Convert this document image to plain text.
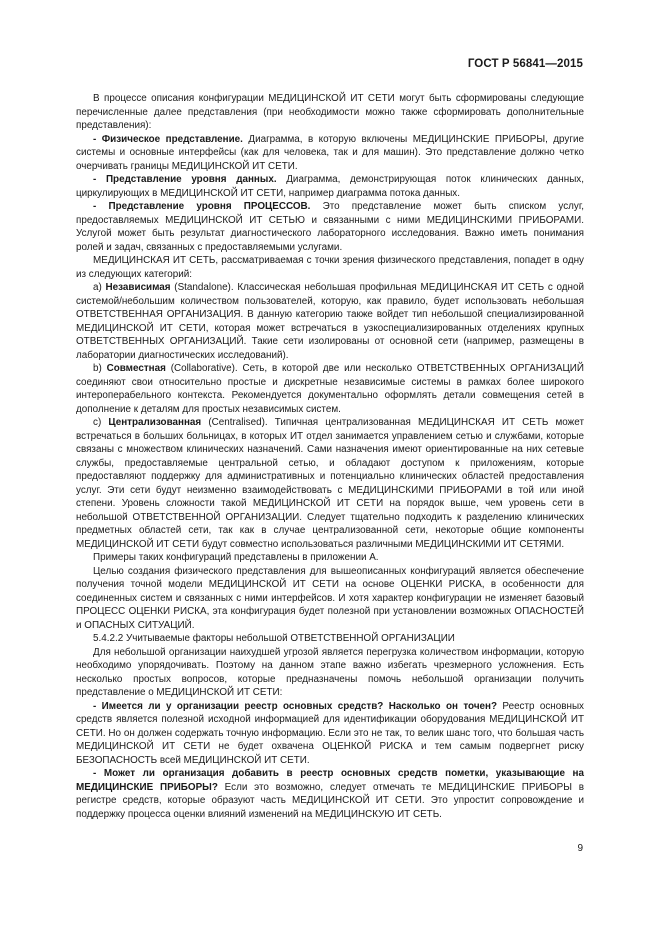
ГОСТ Р 56841—2015

В процессе описания конфигурации МЕДИЦИНСКОЙ ИТ СЕТИ могут быть сформированы следующие перечисленные далее представления (при необходимости можно также сформировать дополнительные представления):

- Физическое представление. Диаграмма, в которую включены МЕДИЦИНСКИЕ ПРИБОРЫ, другие системы и основные интерфейсы (как для человека, так и для машин). Это представление должно четко очерчивать границы МЕДИЦИНСКОЙ ИТ СЕТИ.

- Представление уровня данных. Диаграмма, демонстрирующая поток клинических данных, циркулирующих в МЕДИЦИНСКОЙ ИТ СЕТИ, например диаграмма потока данных.

- Представление уровня ПРОЦЕССОВ. Это представление может быть списком услуг, предоставляемых МЕДИЦИНСКОЙ ИТ СЕТЬЮ и связанными с ними МЕДИЦИНСКИМИ ПРИБОРАМИ. Услугой может быть результат диагностического лабораторного исследования. Важно иметь понимания ролей и задач, связанных с предоставляемыми услугами.

МЕДИЦИНСКАЯ ИТ СЕТЬ, рассматриваемая с точки зрения физического представления, попадет в одну из следующих категорий:

а) Независимая (Standalone). Классическая небольшая профильная МЕДИЦИНСКАЯ ИТ СЕТЬ с одной системой/небольшим количеством пользователей, которую, как правило, будет использовать небольшая ОТВЕТСТВЕННАЯ ОРГАНИЗАЦИЯ. В данную категорию также войдет тип небольшой специализированной МЕДИЦИНСКОЙ ИТ СЕТИ, которая может встречаться в узкоспециализированных отделениях крупных ОТВЕТСТВЕННЫХ ОРГАНИЗАЦИЙ. Такие сети изолированы от основной сети (например, размещены в лаборатории диагностических исследований).

b) Совместная (Collaborative). Сеть, в которой две или несколько ОТВЕТСТВЕННЫХ ОРГАНИЗАЦИЙ соединяют свои относительно простые и дискретные независимые системы в рамках более широкого интероперабельного контекста. Рекомендуется документально оформлять детали совмещения сетей в дополнение к деталям для простых независимых систем.

с) Централизованная (Centralised). Типичная централизованная МЕДИЦИНСКАЯ ИТ СЕТЬ может встречаться в больших больницах, в которых ИТ отдел занимается управлением сетью и службами, которые связаны с множеством клинических назначений. Сами назначения имеют ориентированные на них сетевые службы, предоставляемые центральной сетью, и обладают доступом к приложениям, которые предоставляют поддержку для административных и потенциально клинических областей предоставления услуг. Эти сети будут неизменно взаимодействовать с МЕДИЦИНСКИМИ ПРИБОРАМИ в той или иной степени. Уровень сложности такой МЕДИЦИНСКОЙ ИТ СЕТИ на порядок выше, чем уровень сети в небольшой ОТВЕТСТВЕННОЙ ОРГАНИЗАЦИИ. Следует тщательно подходить к разделению клинических предметных областей сети, так как в случае централизованной сети, некоторые общие компоненты МЕДИЦИНСКОЙ ИТ СЕТИ будут совместно использоваться различными МЕДИЦИНСКИМИ ИТ СЕТЯМИ.

Примеры таких конфигураций представлены в приложении А.

Целью создания физического представления для вышеописанных конфигураций является обеспечение получения точной модели МЕДИЦИНСКОЙ ИТ СЕТИ на основе ОЦЕНКИ РИСКА, в особенности для соединенных систем и связанных с ними интерфейсов. И хотя характер конфигурации не изменяет базовый ПРОЦЕСС ОЦЕНКИ РИСКА, эта конфигурация будет полезной при установлении возможных ОПАСНОСТЕЙ и ОПАСНЫХ СИТУАЦИЙ.

5.4.2.2 Учитываемые факторы небольшой ОТВЕТСТВЕННОЙ ОРГАНИЗАЦИИ

Для небольшой организации наихудшей угрозой является перегрузка количеством информации, которую необходимо упорядочивать. Поэтому на данном этапе важно избегать чрезмерного усложнения. Есть несколько простых вопросов, которые предназначены помочь небольшой организации получить представление о МЕДИЦИНСКОЙ ИТ СЕТИ:

- Имеется ли у организации реестр основных средств? Насколько он точен? Реестр основных средств является полезной исходной информацией для идентификации оборудования МЕДИЦИНСКОЙ ИТ СЕТИ. Но он должен содержать точную информацию. Если это не так, то велик шанс того, что большая часть МЕДИЦИНСКОЙ ИТ СЕТИ не будет охвачена ОЦЕНКОЙ РИСКА и тем самым подвергнет риску БЕЗОПАСНОСТЬ всей МЕДИЦИНСКОЙ ИТ СЕТИ.

- Может ли организация добавить в реестр основных средств пометки, указывающие на МЕДИЦИНСКИЕ ПРИБОРЫ? Если это возможно, следует отмечать те МЕДИЦИНСКИЕ ПРИБОРЫ в регистре средств, которые образуют часть МЕДИЦИНСКОЙ ИТ СЕТИ. Это упростит сопровождение и поддержку процесса оценки влияний изменений на МЕДИЦИНСКУЮ ИТ СЕТЬ.

9
